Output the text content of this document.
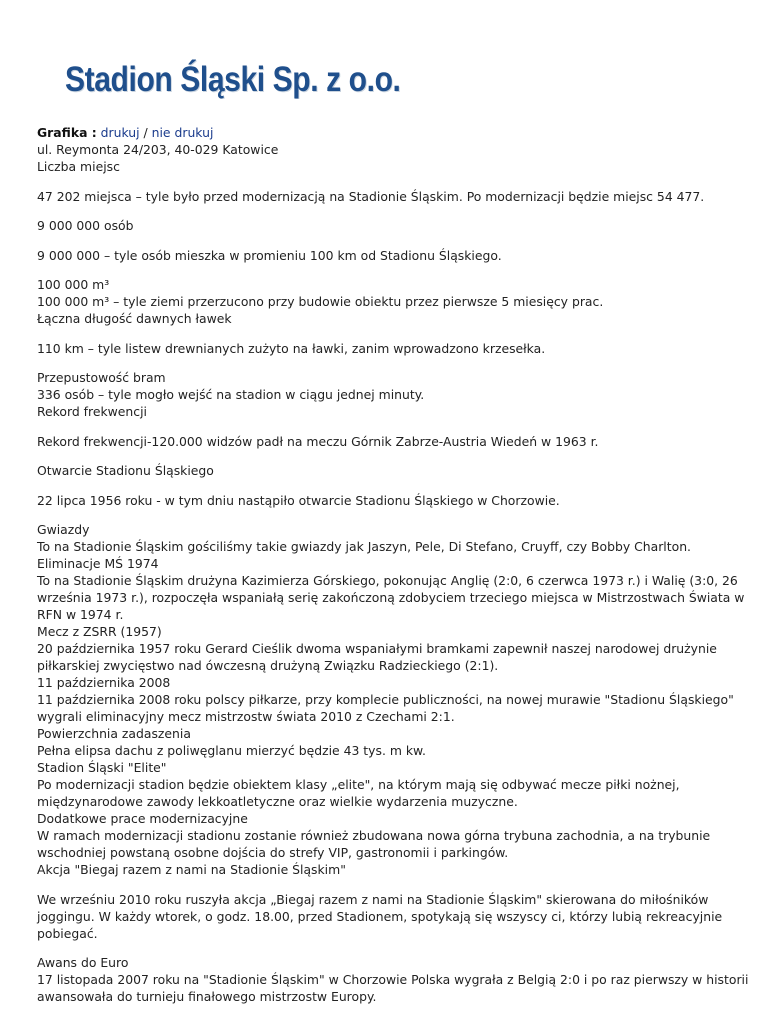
Stadion Śląski Sp. z o.o.

Grafika : drukuj / nie drukuj
ul. Reymonta 24/203, 40-029 Katowice
Liczba miejsc

47 202 miejsca – tyle było przed modernizacją na Stadionie Śląskim. Po modernizacji będzie miejsc 54 477.

9 000 000 osób

9 000 000 – tyle osób mieszka w promieniu 100 km od Stadionu Śląskiego.

100 000 m³
100 000 m³ – tyle ziemi przerzucono przy budowie obiektu przez pierwsze 5 miesięcy prac.
Łączna długość dawnych ławek

110 km – tyle listew drewnianych zużyto na ławki, zanim wprowadzono krzesełka.

Przepustowość bram
336 osób – tyle mogło wejść na stadion w ciągu jednej minuty.
Rekord frekwencji

Rekord frekwencji-120.000 widzów padł na meczu Górnik Zabrze-Austria Wiedeń w 1963 r.

Otwarcie Stadionu Śląskiego

22 lipca 1956 roku - w tym dniu nastąpiło otwarcie Stadionu Śląskiego w Chorzowie.

Gwiazdy
To na Stadionie Śląskim gościliśmy takie gwiazdy jak Jaszyn, Pele, Di Stefano, Cruyff, czy Bobby Charlton.
Eliminacje MŚ 1974
To na Stadionie Śląskim drużyna Kazimierza Górskiego, pokonując Anglię (2:0, 6 czerwca 1973 r.) i Walię (3:0, 26 września 1973 r.), rozpoczęła wspaniałą serię zakończoną zdobyciem trzeciego miejsca w Mistrzostwach Świata w RFN w 1974 r.
Mecz z ZSRR (1957)
20 października 1957 roku Gerard Cieślik dwoma wspaniałymi bramkami zapewnił naszej narodowej drużynie piłkarskiej zwycięstwo nad ówczesną drużyną Związku Radzieckiego (2:1).
11 października 2008
11 października 2008 roku polscy piłkarze, przy komplecie publiczności, na nowej murawie "Stadionu Śląskiego" wygrali eliminacyjny mecz mistrzostw świata 2010 z Czechami 2:1.
Powierzchnia zadaszenia
Pełna elipsa dachu z poliwęglanu mierzyć będzie 43 tys. m kw.
Stadion Śląski "Elite"
Po modernizacji stadion będzie obiektem klasy „elite", na którym mają się odbywać mecze piłki nożnej, międzynarodowe zawody lekkoatletyczne oraz wielkie wydarzenia muzyczne.
Dodatkowe prace modernizacyjne
W ramach modernizacji stadionu zostanie również zbudowana nowa górna trybuna zachodnia, a na trybunie wschodniej powstaną osobne dojścia do strefy VIP, gastronomii i parkingów.
Akcja "Biegaj razem z nami na Stadionie Śląskim"

We wrześniu 2010 roku ruszyła akcja „Biegaj razem z nami na Stadionie Śląskim" skierowana do miłośników joggingu. W każdy wtorek, o godz. 18.00, przed Stadionem, spotykają się wszyscy ci, którzy lubią rekreacyjnie pobiegać.

Awans do Euro
17 listopada 2007 roku na "Stadionie Śląskim" w Chorzowie Polska wygrała z Belgią 2:0 i po raz pierwszy w historii awansowała do turnieju finałowego mistrzostw Europy.
